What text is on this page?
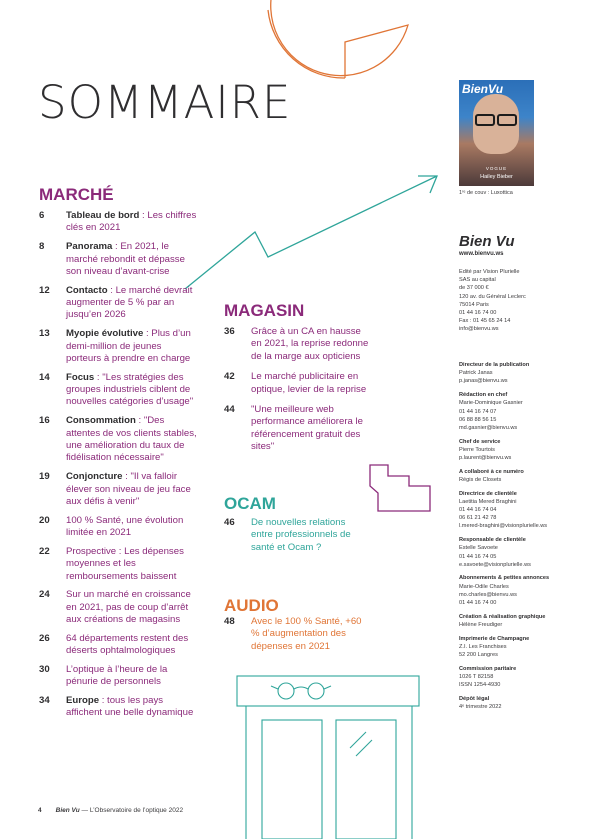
SOMMAIRE
MARCHÉ
6 Tableau de bord : Les chiffres clés en 2021
8 Panorama : En 2021, le marché rebondit et dépasse son niveau d’avant-crise
12 Contacto : Le marché devrait augmenter de 5 % par an jusqu’en 2026
13 Myopie évolutive : Plus d’un demi-million de jeunes porteurs à prendre en charge
14 Focus : "Les stratégies des groupes industriels ciblent de nouvelles catégories d’usage"
16 Consommation : "Des attentes de vos clients stables, une amélioration du taux de fidélisation nécessaire"
19 Conjoncture : "Il va falloir élever son niveau de jeu face aux défis à venir"
20 100 % Santé, une évolution limitée en 2021
22 Prospective : Les dépenses moyennes et les remboursements baissent
24 Sur un marché en croissance en 2021, pas de coup d’arrêt aux créations de magasins
26 64 départements restent des déserts ophtalmologiques
30 L’optique à l’heure de la pénurie de personnels
34 Europe : tous les pays affichent une belle dynamique
MAGASIN
36 Grâce à un CA en hausse en 2021, la reprise redonne de la marge aux opticiens
42 Le marché publicitaire en optique, levier de la reprise
44 "Une meilleure web performance améliorera le référencement gratuit des sites"
OCAM
46 De nouvelles relations entre professionnels de santé et Ocam ?
AUDIO
48 Avec le 100 % Santé, +60 % d’augmentation des dépenses en 2021
BienVu
VOGUE
Hailey Bieber
1ʳᵉ de couv : Luxottica
Bien Vu
www.bienvu.ws
Edité par Vision Plurielle
SAS au capital
de 37 000 €
120 av. du Général Leclerc
75014 Paris
01 44 16 74 00
Fax : 01 45 65 24 14
info@bienvu.ws
Directeur de la publication
Patrick Janas
p.janas@bienvu.ws
Rédaction en chef
Marie-Dominique Gasnier
01 44 16 74 07
06 88 88 56 15
md.gasnier@bienvu.ws
Chef de service
Pierre Tourtois
p.laurent@bienvu.ws
A collaboré à ce numéro
Régis de Closets
Directrice de clientèle
Laetitia Mered Braghini
01 44 16 74 04
06 61 21 42 78
l.mered-braghini@visionplurielle.ws
Responsable de clientèle
Estelle Savoete
01 44 16 74 05
e.savoete@visionplurielle.ws
Abonnements & petites annonces
Marie-Odile Charles
mo.charles@bienvu.ws
01 44 16 74 00
Création & réalisation graphique
Hélène Freudiger
Imprimerie de Champagne
Z.I. Les Franchises
52 200 Langres
Commission paritaire
1026 T 82158
ISSN 1254-4930
Dépôt légal
4ᵉ trimestre 2022
4 Bien Vu — L’Observatoire de l’optique 2022
